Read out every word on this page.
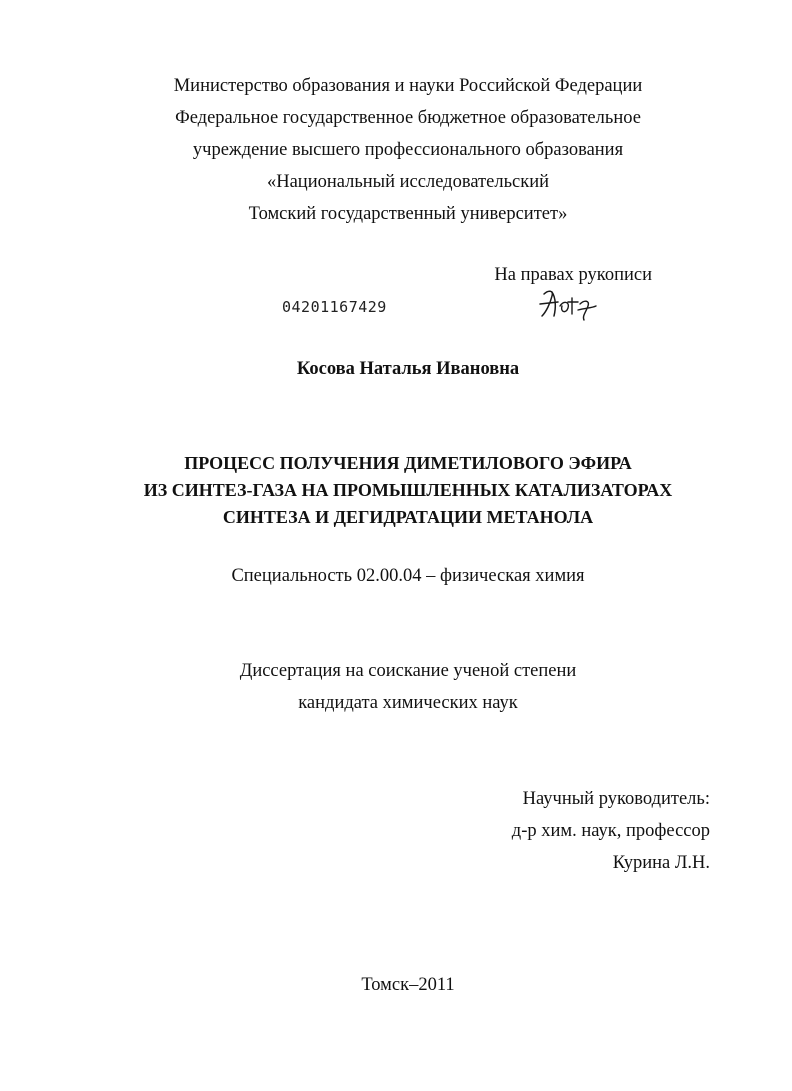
Министерство образования и науки Российской Федерации
Федеральное государственное бюджетное образовательное
учреждение высшего профессионального образования
«Национальный исследовательский
Томский государственный университет»
На правах рукописи
04201167429
Косова Наталья Ивановна
ПРОЦЕСС ПОЛУЧЕНИЯ ДИМЕТИЛОВОГО ЭФИРА
ИЗ СИНТЕЗ-ГАЗА НА ПРОМЫШЛЕННЫХ КАТАЛИЗАТОРАХ
СИНТЕЗА И ДЕГИДРАТАЦИИ МЕТАНОЛА
Специальность 02.00.04 – физическая химия
Диссертация на соискание ученой степени
кандидата химических наук
Научный руководитель:
д-р хим. наук, профессор
Курина Л.Н.
Томск–2011
